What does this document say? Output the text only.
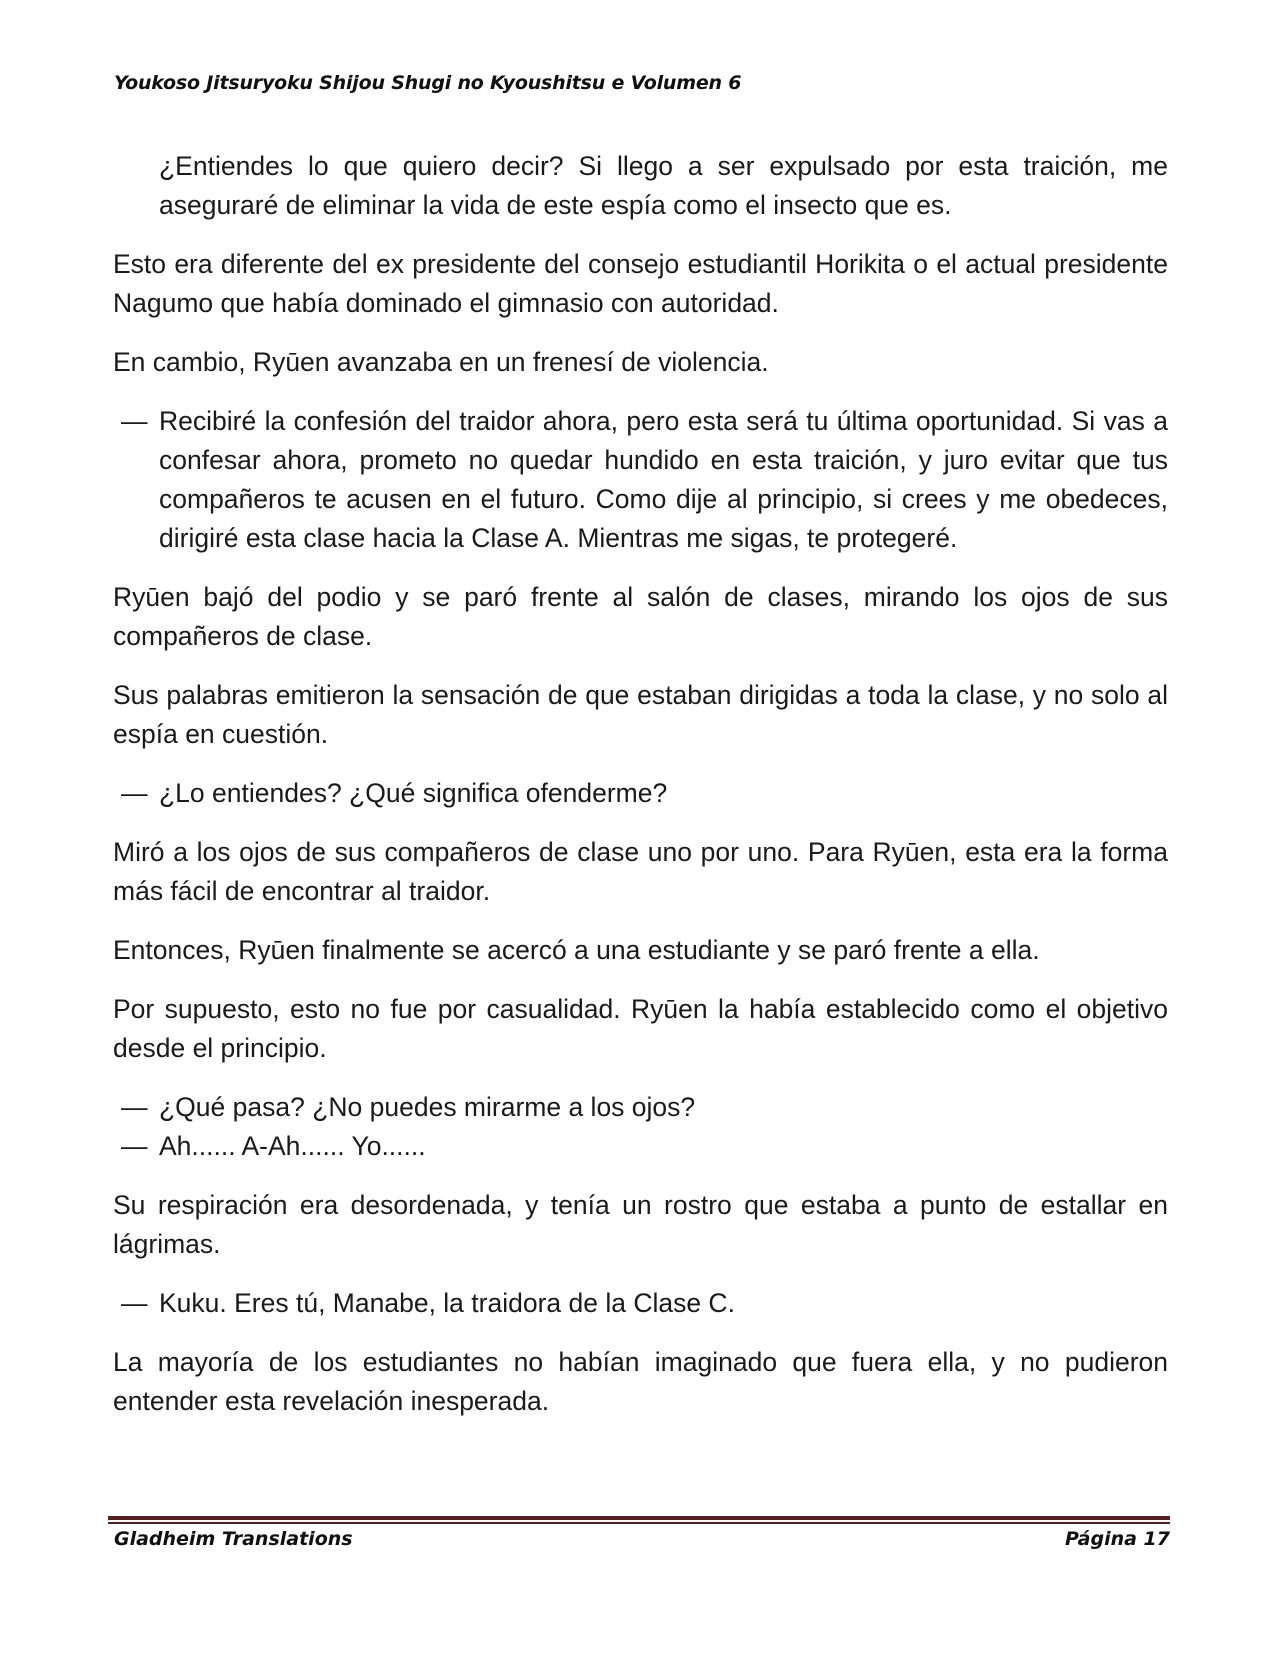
Youkoso Jitsuryoku Shijou Shugi no Kyoushitsu e Volumen 6

¿Entiendes lo que quiero decir? Si llego a ser expulsado por esta traición, me aseguraré de eliminar la vida de este espía como el insecto que es.

Esto era diferente del ex presidente del consejo estudiantil Horikita o el actual presidente Nagumo que había dominado el gimnasio con autoridad.

En cambio, Ryūen avanzaba en un frenesí de violencia.

— Recibiré la confesión del traidor ahora, pero esta será tu última oportunidad. Si vas a confesar ahora, prometo no quedar hundido en esta traición, y juro evitar que tus compañeros te acusen en el futuro. Como dije al principio, si crees y me obedeces, dirigiré esta clase hacia la Clase A. Mientras me sigas, te protegeré.

Ryūen bajó del podio y se paró frente al salón de clases, mirando los ojos de sus compañeros de clase.

Sus palabras emitieron la sensación de que estaban dirigidas a toda la clase, y no solo al espía en cuestión.

— ¿Lo entiendes? ¿Qué significa ofenderme?

Miró a los ojos de sus compañeros de clase uno por uno. Para Ryūen, esta era la forma más fácil de encontrar al traidor.

Entonces, Ryūen finalmente se acercó a una estudiante y se paró frente a ella.

Por supuesto, esto no fue por casualidad. Ryūen la había establecido como el objetivo desde el principio.

— ¿Qué pasa? ¿No puedes mirarme a los ojos?

— Ah...... A-Ah...... Yo......

Su respiración era desordenada, y tenía un rostro que estaba a punto de estallar en lágrimas.

— Kuku. Eres tú, Manabe, la traidora de la Clase C.

La mayoría de los estudiantes no habían imaginado que fuera ella, y no pudieron entender esta revelación inesperada.

Gladheim Translations	Página 17
